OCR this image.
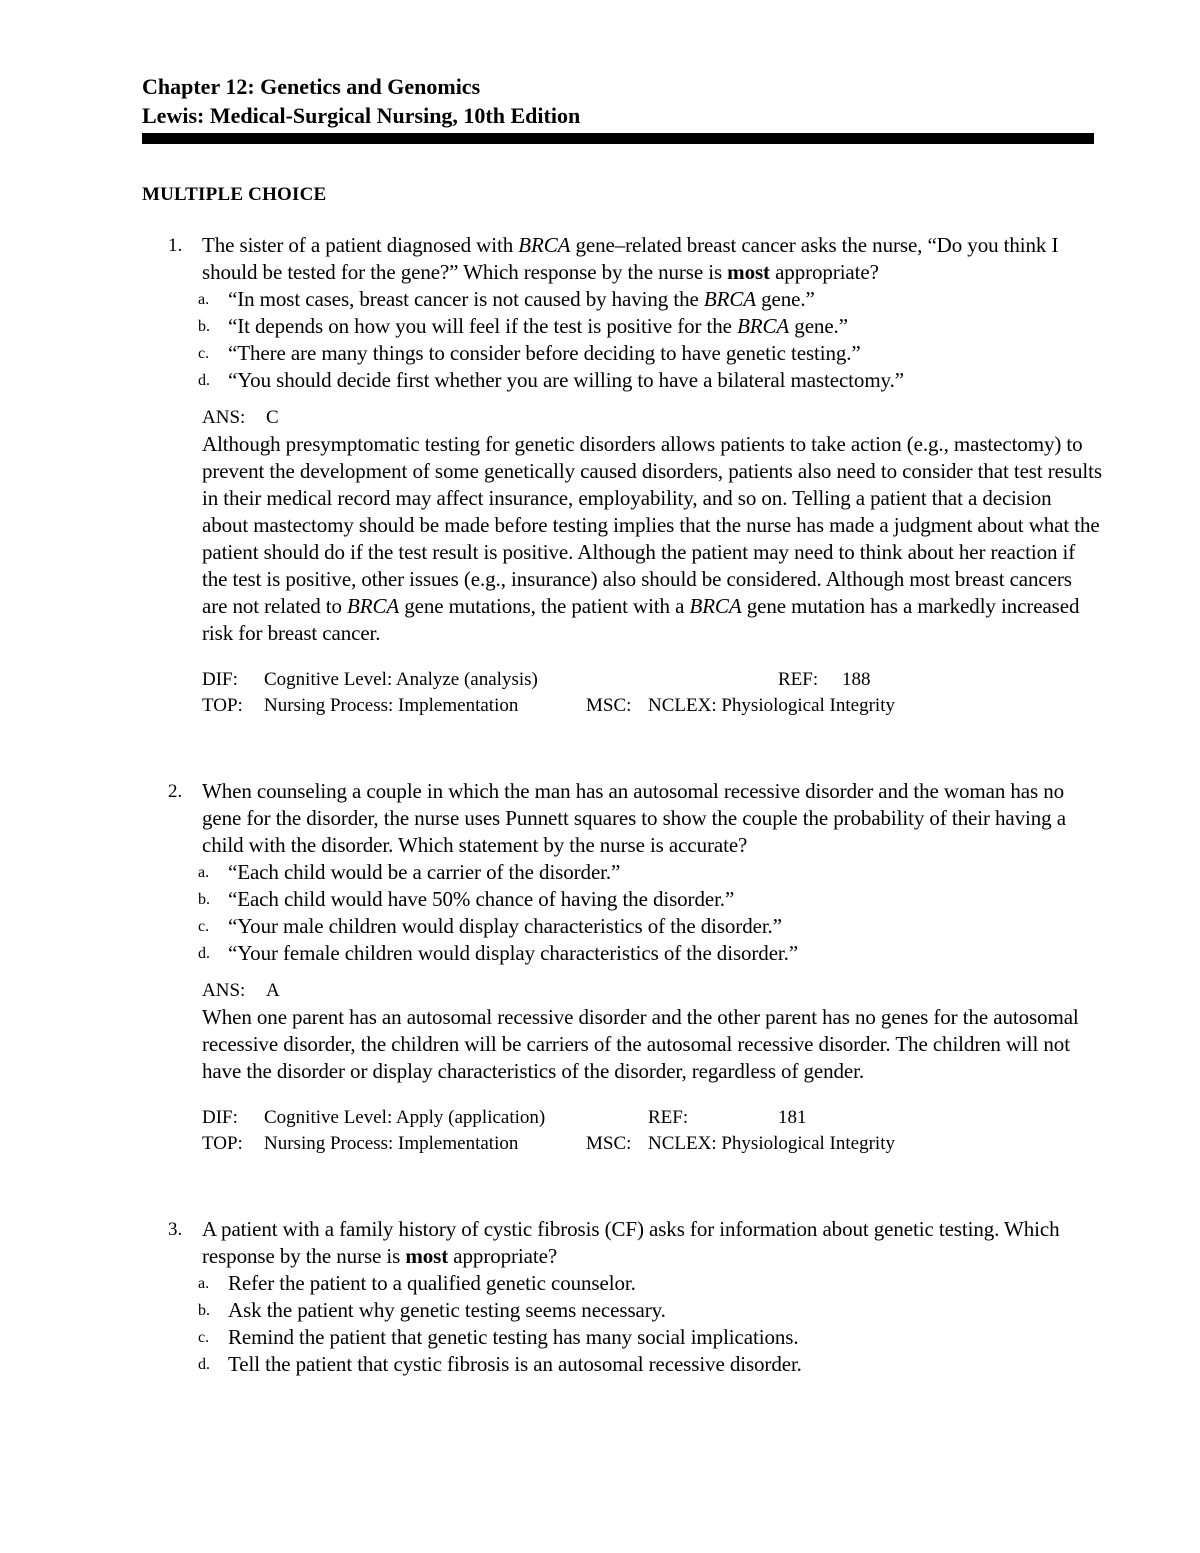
Chapter 12: Genetics and Genomics

Lewis: Medical-Surgical Nursing, 10th Edition

MULTIPLE CHOICE
1. The sister of a patient diagnosed with BRCA gene–related breast cancer asks the nurse, “Do you think I should be tested for the gene?” Which response by the nurse is most appropriate?

a. “In most cases, breast cancer is not caused by having the BRCA gene.”
b. “It depends on how you will feel if the test is positive for the BRCA gene.”
c. “There are many things to consider before deciding to have genetic testing.”
d. “You should decide first whether you are willing to have a bilateral mastectomy.”
ANS: C

Although presymptomatic testing for genetic disorders allows patients to take action (e.g., mastectomy) to prevent the development of some genetically caused disorders, patients also need to consider that test results in their medical record may affect insurance, employability, and so on. Telling a patient that a decision about mastectomy should be made before testing implies that the nurse has made a judgment about what the patient should do if the test result is positive. Although the patient may need to think about her reaction if the test is positive, other issues (e.g., insurance) also should be considered. Although most breast cancers are not related to BRCA gene mutations, the patient with a BRCA gene mutation has a markedly increased risk for breast cancer.

DIF: Cognitive Level: Analyze (analysis)	REF: 188
TOP: Nursing Process: Implementation	MSC: NCLEX: Physiological Integrity
2. When counseling a couple in which the man has an autosomal recessive disorder and the woman has no gene for the disorder, the nurse uses Punnett squares to show the couple the probability of their having a child with the disorder. Which statement by the nurse is accurate?

a. “Each child would be a carrier of the disorder.”
b. “Each child would have 50% chance of having the disorder.”
c. “Your male children would display characteristics of the disorder.”
d. “Your female children would display characteristics of the disorder.”
ANS: A

When one parent has an autosomal recessive disorder and the other parent has no genes for the autosomal recessive disorder, the children will be carriers of the autosomal recessive disorder. The children will not have the disorder or display characteristics of the disorder, regardless of gender.

DIF: Cognitive Level: Apply (application)	REF:	181
TOP: Nursing Process: Implementation	MSC: NCLEX: Physiological Integrity
3. A patient with a family history of cystic fibrosis (CF) asks for information about genetic testing. Which response by the nurse is most appropriate?

a. Refer the patient to a qualified genetic counselor.
b. Ask the patient why genetic testing seems necessary.
c. Remind the patient that genetic testing has many social implications.
d. Tell the patient that cystic fibrosis is an autosomal recessive disorder.
